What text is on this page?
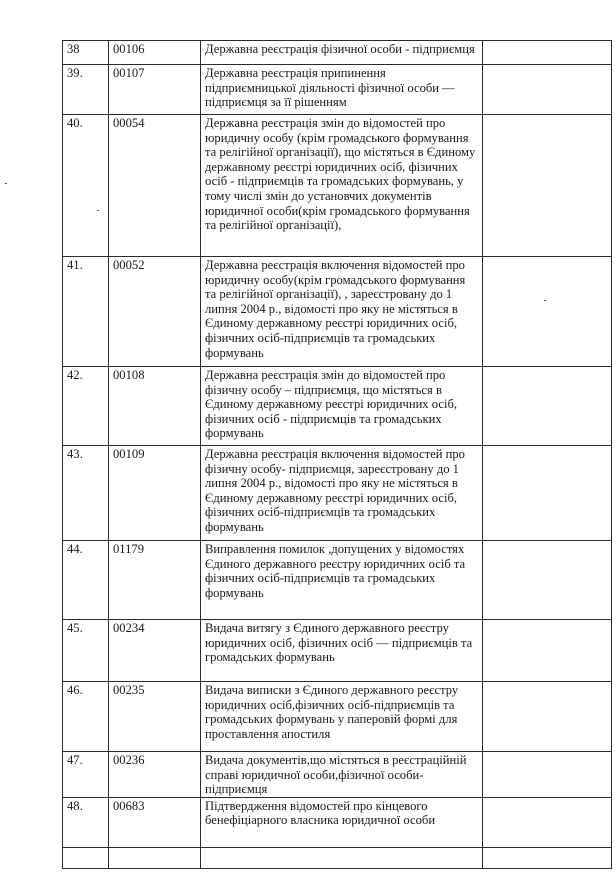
38	00106	Державна реєстрація фізичної особи - підприємця	
39.	00107	Державна реєстрація припинення підприємницької діяльності фізичної особи — підприємця за її рішенням	
40.	00054	Державна реєстрація змін до відомостей про юридичну особу (крім громадського формування та релігійної організації), що містяться в Єдиному державному реєстрі юридичних осіб, фізичних осіб - підприємців та громадських формувань, у тому числі змін до установчих документів юридичної особи(крім громадського формування та релігійної організації),	
41.	00052	Державна реєстрація включення відомостей про юридичну особу(крім громадського формування та релігійної організації), , зареєстровану до 1 липня 2004 р., відомості про яку не містяться в Єдиному державному реєстрі юридичних осіб, фізичних осіб-підприємців та громадських формувань	
42.	00108	Державна реєстрація змін до відомостей про фізичну особу – підприємця, що містяться в Єдиному державному реєстрі юридичних осіб, фізичних осіб - підприємців та громадських формувань	
43.	00109	Державна реєстрація включення відомостей про фізичну особу- підприємця, зареєстровану до 1 липня 2004 р., відомості про яку не містяться в Єдиному державному реєстрі юридичних осіб, фізичних осіб-підприємців та громадських формувань	
44.	01179	Виправлення помилок ,допущених у відомостях Єдиного державного реєстру юридичних осіб та фізичних осіб-підприємців та громадських формувань	
45.	00234	Видача витягу з Єдиного державного реєстру юридичних осіб, фізичних осіб — підприємців та громадських формувань	
46.	00235	Видача виписки з Єдиного державного реєстру юридичних осіб,фізичних осіб-підприємців та громадських формувань у паперовій формі для проставлення апостиля	
47.	00236	Видача документів,що містяться в реєстраційній справі юридичної особи,фізичної особи-підприємця	
48.	00683	Підтвердження відомостей про кінцевого бенефіціарного власника юридичної особи	
